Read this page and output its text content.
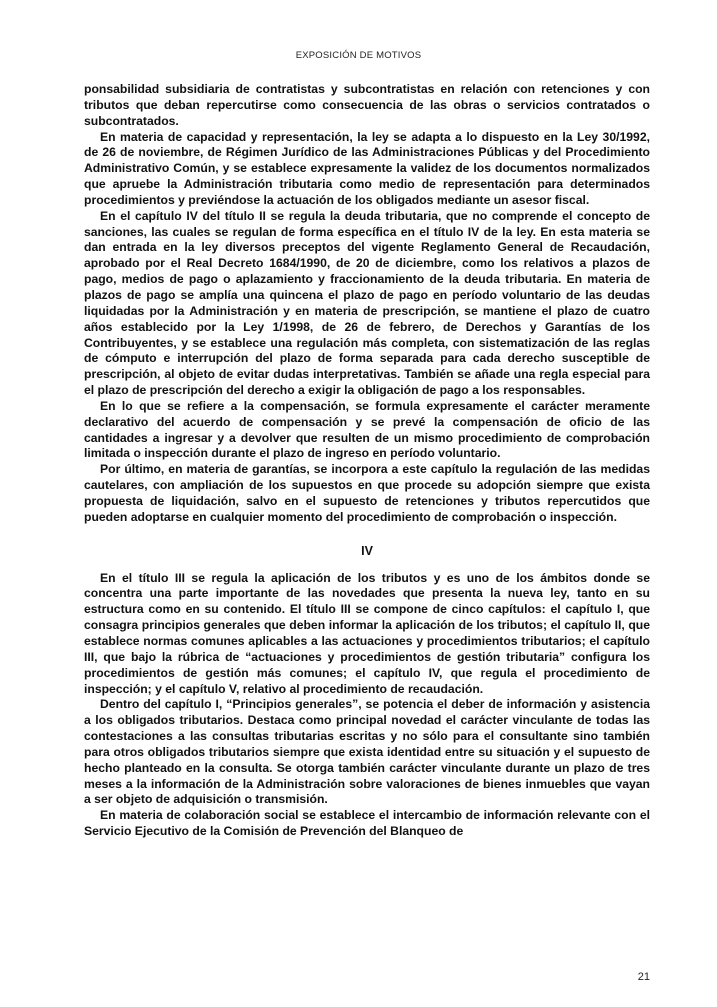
EXPOSICIÓN DE MOTIVOS

ponsabilidad subsidiaria de contratistas y subcontratistas en relación con retenciones y con tributos que deban repercutirse como consecuencia de las obras o servicios contratados o subcontratados.

En materia de capacidad y representación, la ley se adapta a lo dispuesto en la Ley 30/1992, de 26 de noviembre, de Régimen Jurídico de las Administraciones Públicas y del Procedimiento Administrativo Común, y se establece expresamente la validez de los documentos normalizados que apruebe la Administración tributaria como medio de representación para determinados procedimientos y previéndose la actuación de los obligados mediante un asesor fiscal.

En el capítulo IV del título II se regula la deuda tributaria, que no comprende el concepto de sanciones, las cuales se regulan de forma específica en el título IV de la ley. En esta materia se dan entrada en la ley diversos preceptos del vigente Reglamento General de Recaudación, aprobado por el Real Decreto 1684/1990, de 20 de diciembre, como los relativos a plazos de pago, medios de pago o aplazamiento y fraccionamiento de la deuda tributaria. En materia de plazos de pago se amplía una quincena el plazo de pago en período voluntario de las deudas liquidadas por la Administración y en materia de prescripción, se mantiene el plazo de cuatro años establecido por la Ley 1/1998, de 26 de febrero, de Derechos y Garantías de los Contribuyentes, y se establece una regulación más completa, con sistematización de las reglas de cómputo e interrupción del plazo de forma separada para cada derecho susceptible de prescripción, al objeto de evitar dudas interpretativas. También se añade una regla especial para el plazo de prescripción del derecho a exigir la obligación de pago a los responsables.

En lo que se refiere a la compensación, se formula expresamente el carácter meramente declarativo del acuerdo de compensación y se prevé la compensación de oficio de las cantidades a ingresar y a devolver que resulten de un mismo procedimiento de comprobación limitada o inspección durante el plazo de ingreso en período voluntario.

Por último, en materia de garantías, se incorpora a este capítulo la regulación de las medidas cautelares, con ampliación de los supuestos en que procede su adopción siempre que exista propuesta de liquidación, salvo en el supuesto de retenciones y tributos repercutidos que pueden adoptarse en cualquier momento del procedimiento de comprobación o inspección.

IV

En el título III se regula la aplicación de los tributos y es uno de los ámbitos donde se concentra una parte importante de las novedades que presenta la nueva ley, tanto en su estructura como en su contenido. El título III se compone de cinco capítulos: el capítulo I, que consagra principios generales que deben informar la aplicación de los tributos; el capítulo II, que establece normas comunes aplicables a las actuaciones y procedimientos tributarios; el capítulo III, que bajo la rúbrica de “actuaciones y procedimientos de gestión tributaria” configura los procedimientos de gestión más comunes; el capítulo IV, que regula el procedimiento de inspección; y el capítulo V, relativo al procedimiento de recaudación.

Dentro del capítulo I, “Principios generales”, se potencia el deber de información y asistencia a los obligados tributarios. Destaca como principal novedad el carácter vinculante de todas las contestaciones a las consultas tributarias escritas y no sólo para el consultante sino también para otros obligados tributarios siempre que exista identidad entre su situación y el supuesto de hecho planteado en la consulta. Se otorga también carácter vinculante durante un plazo de tres meses a la información de la Administración sobre valoraciones de bienes inmuebles que vayan a ser objeto de adquisición o transmisión.

En materia de colaboración social se establece el intercambio de información relevante con el Servicio Ejecutivo de la Comisión de Prevención del Blanqueo de

21
